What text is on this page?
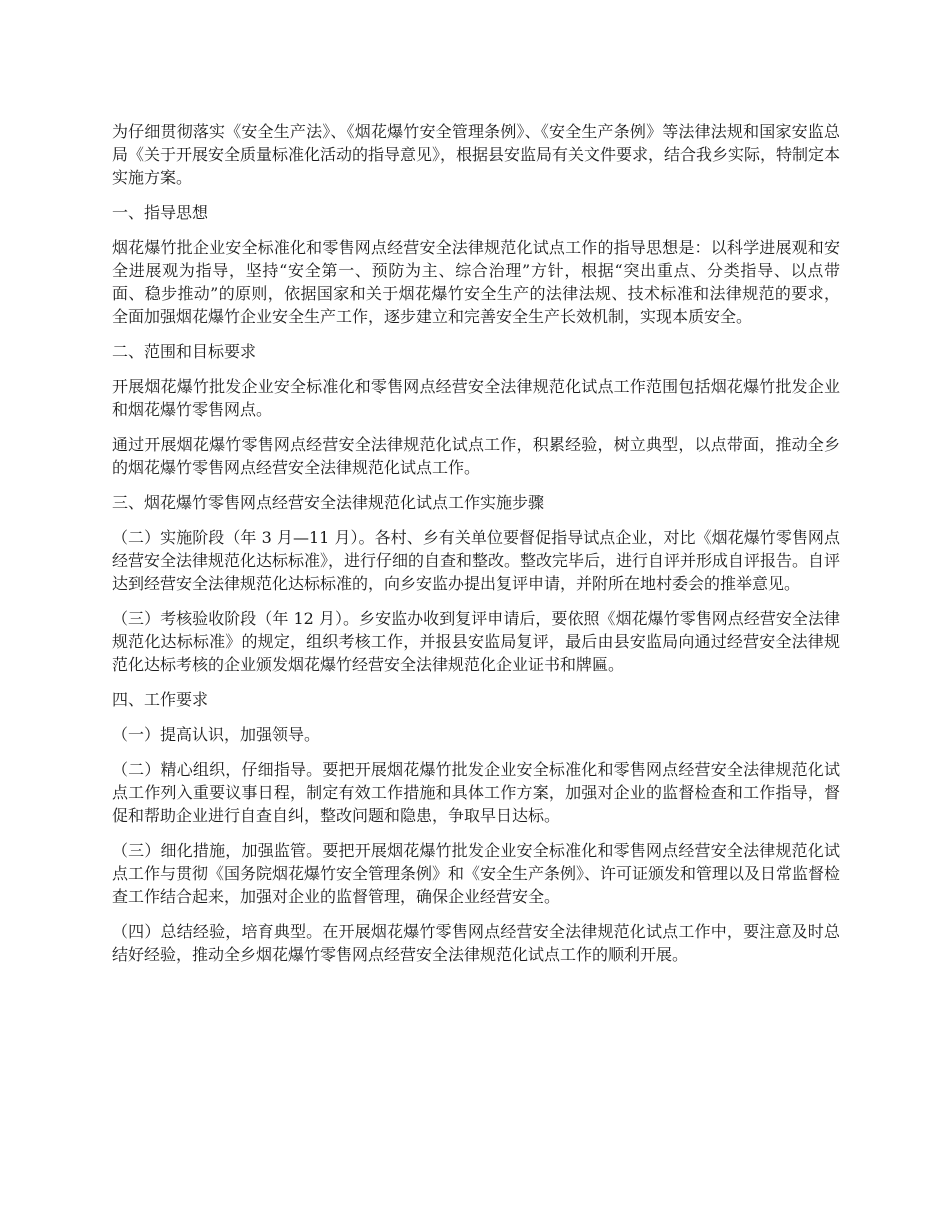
为仔细贯彻落实《安全生产法》、《烟花爆竹安全管理条例》、《安全生产条例》等法律法规和国家安监总局《关于开展安全质量标准化活动的指导意见》，根据县安监局有关文件要求，结合我乡实际，特制定本实施方案。

一、指导思想

烟花爆竹批企业安全标准化和零售网点经营安全法律规范化试点工作的指导思想是：以科学进展观和安全进展观为指导，坚持“安全第一、预防为主、综合治理”方针，根据“突出重点、分类指导、以点带面、稳步推动”的原则，依据国家和关于烟花爆竹安全生产的法律法规、技术标准和法律规范的要求，全面加强烟花爆竹企业安全生产工作，逐步建立和完善安全生产长效机制，实现本质安全。

二、范围和目标要求

开展烟花爆竹批发企业安全标准化和零售网点经营安全法律规范化试点工作范围包括烟花爆竹批发企业和烟花爆竹零售网点。

通过开展烟花爆竹零售网点经营安全法律规范化试点工作，积累经验，树立典型，以点带面，推动全乡的烟花爆竹零售网点经营安全法律规范化试点工作。

三、烟花爆竹零售网点经营安全法律规范化试点工作实施步骤

（二）实施阶段（年 3 月—11 月）。各村、乡有关单位要督促指导试点企业，对比《烟花爆竹零售网点经营安全法律规范化达标标准》，进行仔细的自查和整改。整改完毕后，进行自评并形成自评报告。自评达到经营安全法律规范化达标标准的，向乡安监办提出复评申请，并附所在地村委会的推举意见。

（三）考核验收阶段（年 12 月）。乡安监办收到复评申请后，要依照《烟花爆竹零售网点经营安全法律规范化达标标准》的规定，组织考核工作，并报县安监局复评，最后由县安监局向通过经营安全法律规范化达标考核的企业颁发烟花爆竹经营安全法律规范化企业证书和牌匾。

四、工作要求

（一）提高认识，加强领导。

（二）精心组织，仔细指导。要把开展烟花爆竹批发企业安全标准化和零售网点经营安全法律规范化试点工作列入重要议事日程，制定有效工作措施和具体工作方案，加强对企业的监督检查和工作指导，督促和帮助企业进行自查自纠，整改问题和隐患，争取早日达标。

（三）细化措施，加强监管。要把开展烟花爆竹批发企业安全标准化和零售网点经营安全法律规范化试点工作与贯彻《国务院烟花爆竹安全管理条例》和《安全生产条例》、许可证颁发和管理以及日常监督检查工作结合起来，加强对企业的监督管理，确保企业经营安全。

（四）总结经验，培育典型。在开展烟花爆竹零售网点经营安全法律规范化试点工作中，要注意及时总结好经验，推动全乡烟花爆竹零售网点经营安全法律规范化试点工作的顺利开展。
